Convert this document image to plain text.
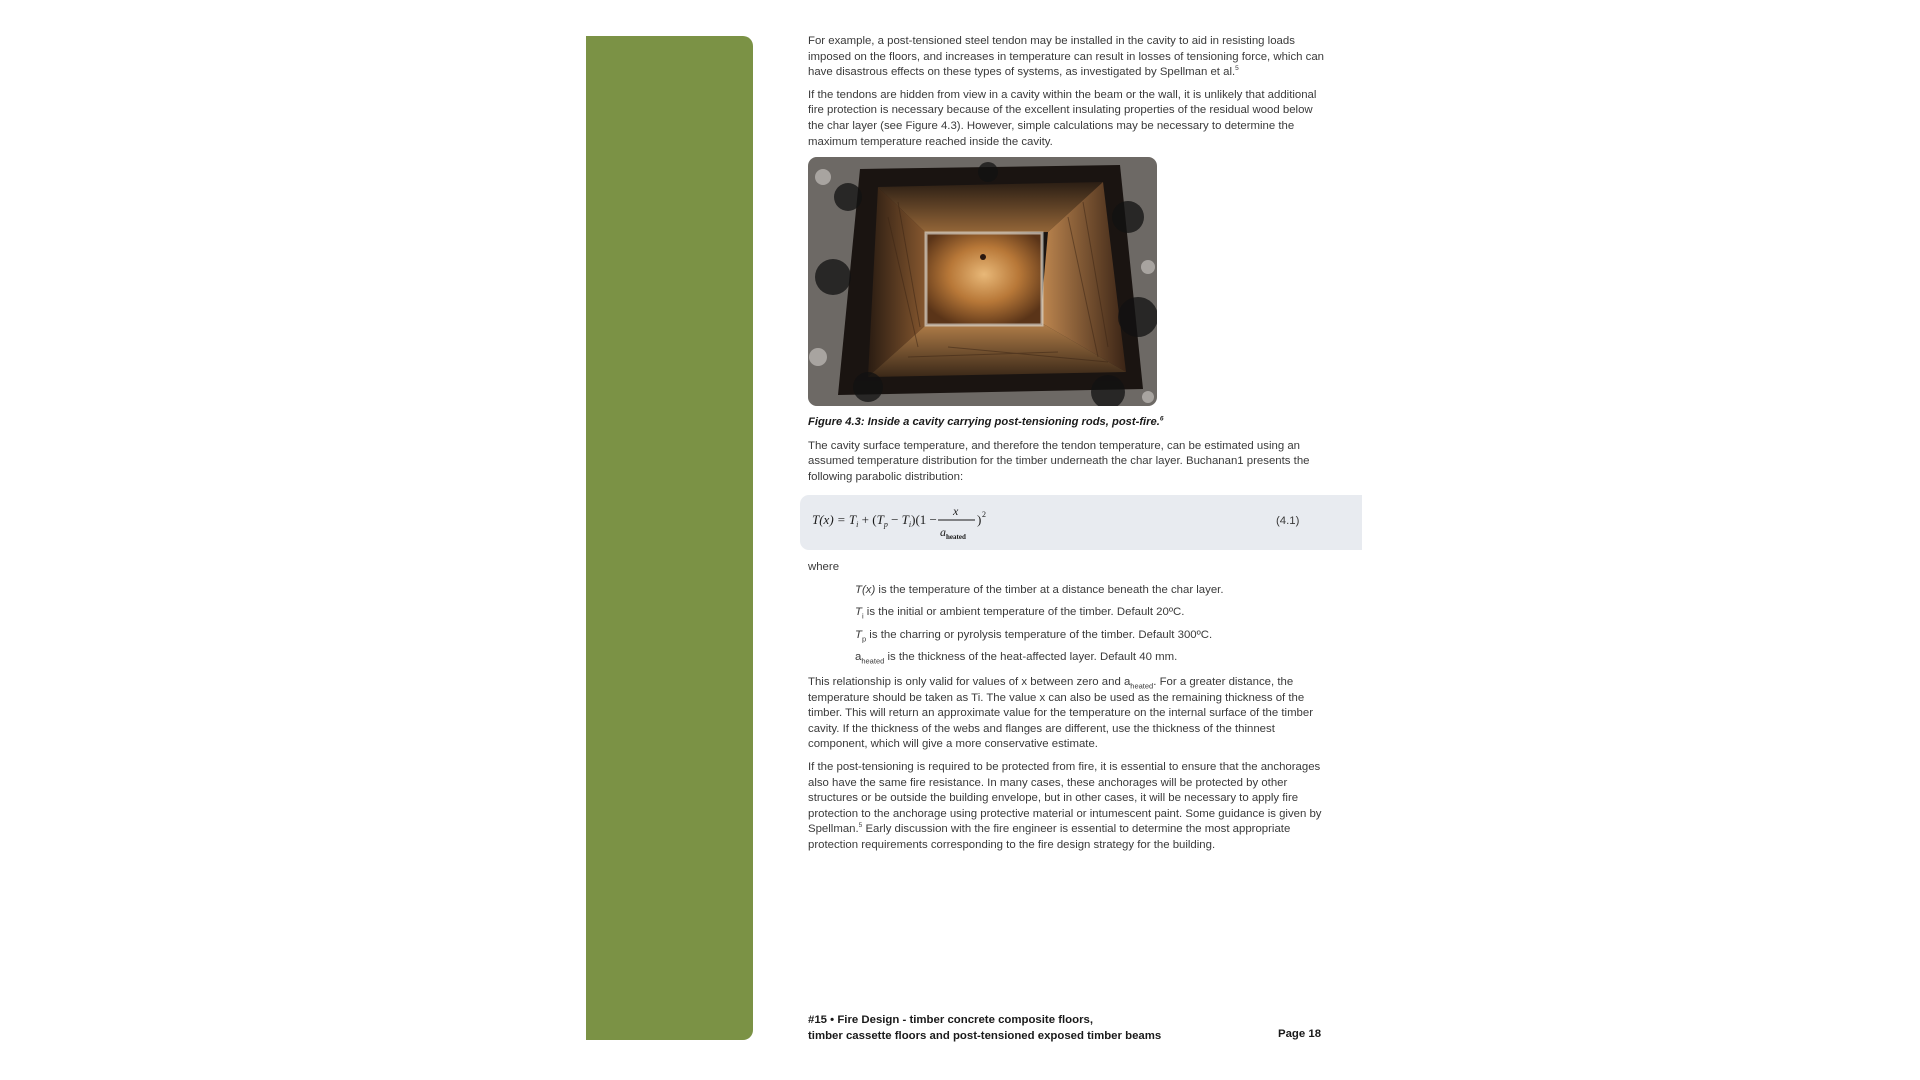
For example, a post-tensioned steel tendon may be installed in the cavity to aid in resisting loads imposed on the floors, and increases in temperature can result in losses of tensioning force, which can have disastrous effects on these types of systems, as investigated by Spellman et al.$^5$

If the tendons are hidden from view in a cavity within the beam or the wall, it is unlikely that additional fire protection is necessary because of the excellent insulating properties of the residual wood below the char layer (see Figure 4.3). However, simple calculations may be necessary to determine the maximum temperature reached inside the cavity.

Figure 4.3: Inside a cavity carrying post-tensioning rods, post-fire.$^6$

The cavity surface temperature, and therefore the tendon temperature, can be estimated using an assumed temperature distribution for the timber underneath the char layer. Buchanan1 presents the following parabolic distribution:

$T(x) = T_i + (T_p - T_i)(1$ −
x
$a_{heated}$
) 2
(4.1)
where
T(x) is the temperature of the timber at a distance beneath the char layer.
$T_i$ is the initial or ambient temperature of the timber. Default 20ºC.
$T_p$ is the charring or pyrolysis temperature of the timber. Default 300ºC.
$a_{heated}$ is the thickness of the heat-affected layer. Default 40 mm.

This relationship is only valid for values of x between zero and $a_{heated}$. For a greater distance, the temperature should be taken as Ti. The value x can also be used as the remaining thickness of the timber. This will return an approximate value for the temperature on the internal surface of the timber cavity. If the thickness of the webs and flanges are different, use the thickness of the thinnest component, which will give a more conservative estimate.

If the post-tensioning is required to be protected from fire, it is essential to ensure that the anchorages also have the same fire resistance. In many cases, these anchorages will be protected by other structures or be outside the building envelope, but in other cases, it will be necessary to apply fire protection to the anchorage using protective material or intumescent paint. Some guidance is given by Spellman.$^5$ Early discussion with the fire engineer is essential to determine the most appropriate protection requirements corresponding to the fire design strategy for the building.

#15 • Fire Design - timber concrete composite floors,
timber cassette floors and post-tensioned exposed timber beams	Page 18
